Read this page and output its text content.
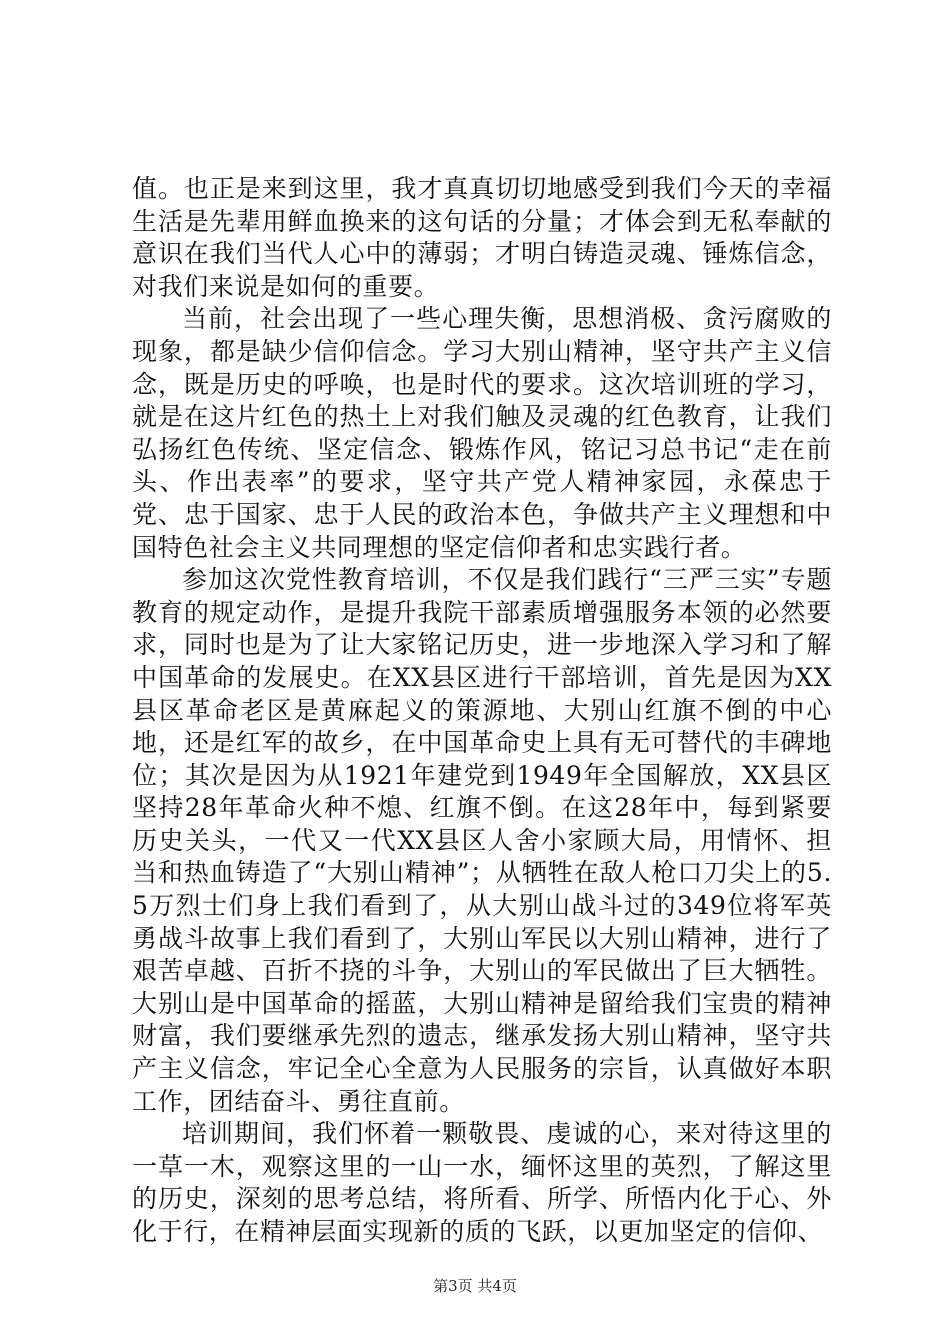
值。也正是来到这里，我才真真切切地感受到我们今天的幸福生活是先辈用鲜血换来的这句话的分量；才体会到无私奉献的意识在我们当代人心中的薄弱；才明白铸造灵魂、锤炼信念，对我们来说是如何的重要。

当前，社会出现了一些心理失衡，思想消极、贪污腐败的现象，都是缺少信仰信念。学习大别山精神，坚守共产主义信念，既是历史的呼唤，也是时代的要求。这次培训班的学习，就是在这片红色的热土上对我们触及灵魂的红色教育，让我们弘扬红色传统、坚定信念、锻炼作风，铭记习总书记“走在前头、作出表率”的要求，坚守共产党人精神家园，永葆忠于党、忠于国家、忠于人民的政治本色，争做共产主义理想和中国特色社会主义共同理想的坚定信仰者和忠实践行者。

参加这次党性教育培训，不仅是我们践行“三严三实”专题教育的规定动作，是提升我院干部素质增强服务本领的必然要求，同时也是为了让大家铭记历史，进一步地深入学习和了解中国革命的发展史。在XX县区进行干部培训，首先是因为XX县区革命老区是黄麻起义的策源地、大别山红旗不倒的中心地，还是红军的故乡，在中国革命史上具有无可替代的丰碑地位；其次是因为从1921年建党到1949年全国解放，XX县区坚持28年革命火种不熄、红旗不倒。在这28年中，每到紧要历史关头，一代又一代XX县区人舍小家顾大局，用情怀、担当和热血铸造了“大别山精神”；从牺牲在敌人枪口刀尖上的5.5万烈士们身上我们看到了，从大别山战斗过的349位将军英勇战斗故事上我们看到了，大别山军民以大别山精神，进行了艰苦卓越、百折不挠的斗争，大别山的军民做出了巨大牺牲。大别山是中国革命的摇蓝，大别山精神是留给我们宝贵的精神财富，我们要继承先烈的遗志，继承发扬大别山精神，坚守共产主义信念，牢记全心全意为人民服务的宗旨，认真做好本职工作，团结奋斗、勇往直前。

培训期间，我们怀着一颗敬畏、虔诚的心，来对待这里的一草一木，观察这里的一山一水，缅怀这里的英烈，了解这里的历史，深刻的思考总结，将所看、所学、所悟内化于心、外化于行，在精神层面实现新的质的飞跃，以更加坚定的信仰、

第3页 共4页
